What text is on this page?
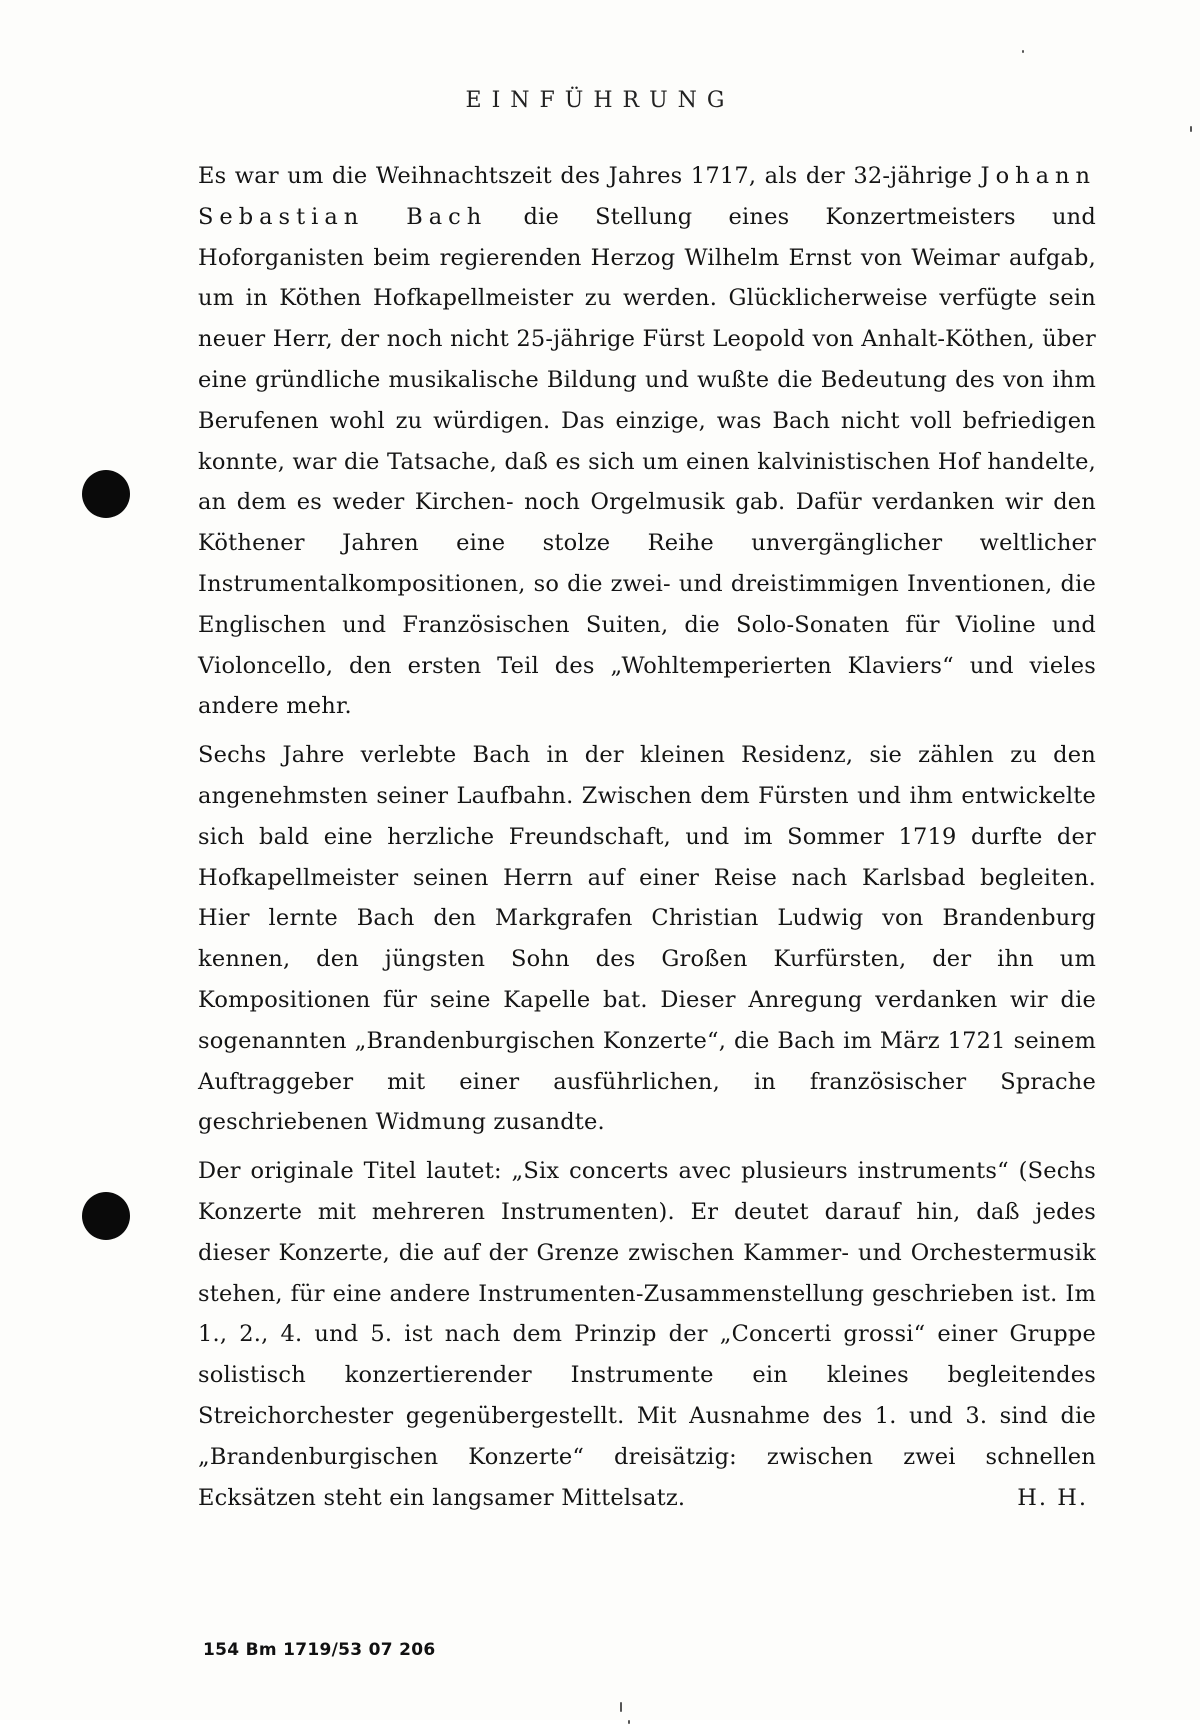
EINFÜHRUNG

Es war um die Weihnachtszeit des Jahres 1717, als der 32-jährige Johann Sebastian Bach die Stellung eines Konzertmeisters und Hoforganisten beim regierenden Herzog Wilhelm Ernst von Weimar aufgab, um in Köthen Hofkapellmeister zu werden. Glücklicherweise verfügte sein neuer Herr, der noch nicht 25-jährige Fürst Leopold von Anhalt-Köthen, über eine gründliche musikalische Bildung und wußte die Bedeutung des von ihm Berufenen wohl zu würdigen. Das einzige, was Bach nicht voll befriedigen konnte, war die Tatsache, daß es sich um einen kalvinistischen Hof handelte, an dem es weder Kirchen- noch Orgelmusik gab. Dafür verdanken wir den Köthener Jahren eine stolze Reihe unvergänglicher weltlicher Instrumentalkompositionen, so die zwei- und dreistimmigen Inventionen, die Englischen und Französischen Suiten, die Solo-Sonaten für Violine und Violoncello, den ersten Teil des „Wohltemperierten Klaviers“ und vieles andere mehr.

Sechs Jahre verlebte Bach in der kleinen Residenz, sie zählen zu den angenehmsten seiner Laufbahn. Zwischen dem Fürsten und ihm entwickelte sich bald eine herzliche Freundschaft, und im Sommer 1719 durfte der Hofkapellmeister seinen Herrn auf einer Reise nach Karlsbad begleiten. Hier lernte Bach den Markgrafen Christian Ludwig von Brandenburg kennen, den jüngsten Sohn des Großen Kurfürsten, der ihn um Kompositionen für seine Kapelle bat. Dieser Anregung verdanken wir die sogenannten „Brandenburgischen Konzerte“, die Bach im März 1721 seinem Auftraggeber mit einer ausführlichen, in französischer Sprache geschriebenen Widmung zusandte.

Der originale Titel lautet: „Six concerts avec plusieurs instruments“ (Sechs Konzerte mit mehreren Instrumenten). Er deutet darauf hin, daß jedes dieser Konzerte, die auf der Grenze zwischen Kammer- und Orchestermusik stehen, für eine andere Instrumenten-Zusammenstellung geschrieben ist. Im 1., 2., 4. und 5. ist nach dem Prinzip der „Concerti grossi“ einer Gruppe solistisch konzertierender Instrumente ein kleines begleitendes Streichorchester gegenübergestellt. Mit Ausnahme des 1. und 3. sind die „Brandenburgischen Konzerte“ dreisätzig: zwischen zwei schnellen Ecksätzen steht ein langsamer Mittelsatz.	H. H.

154 Bm 1719/53 07 206
